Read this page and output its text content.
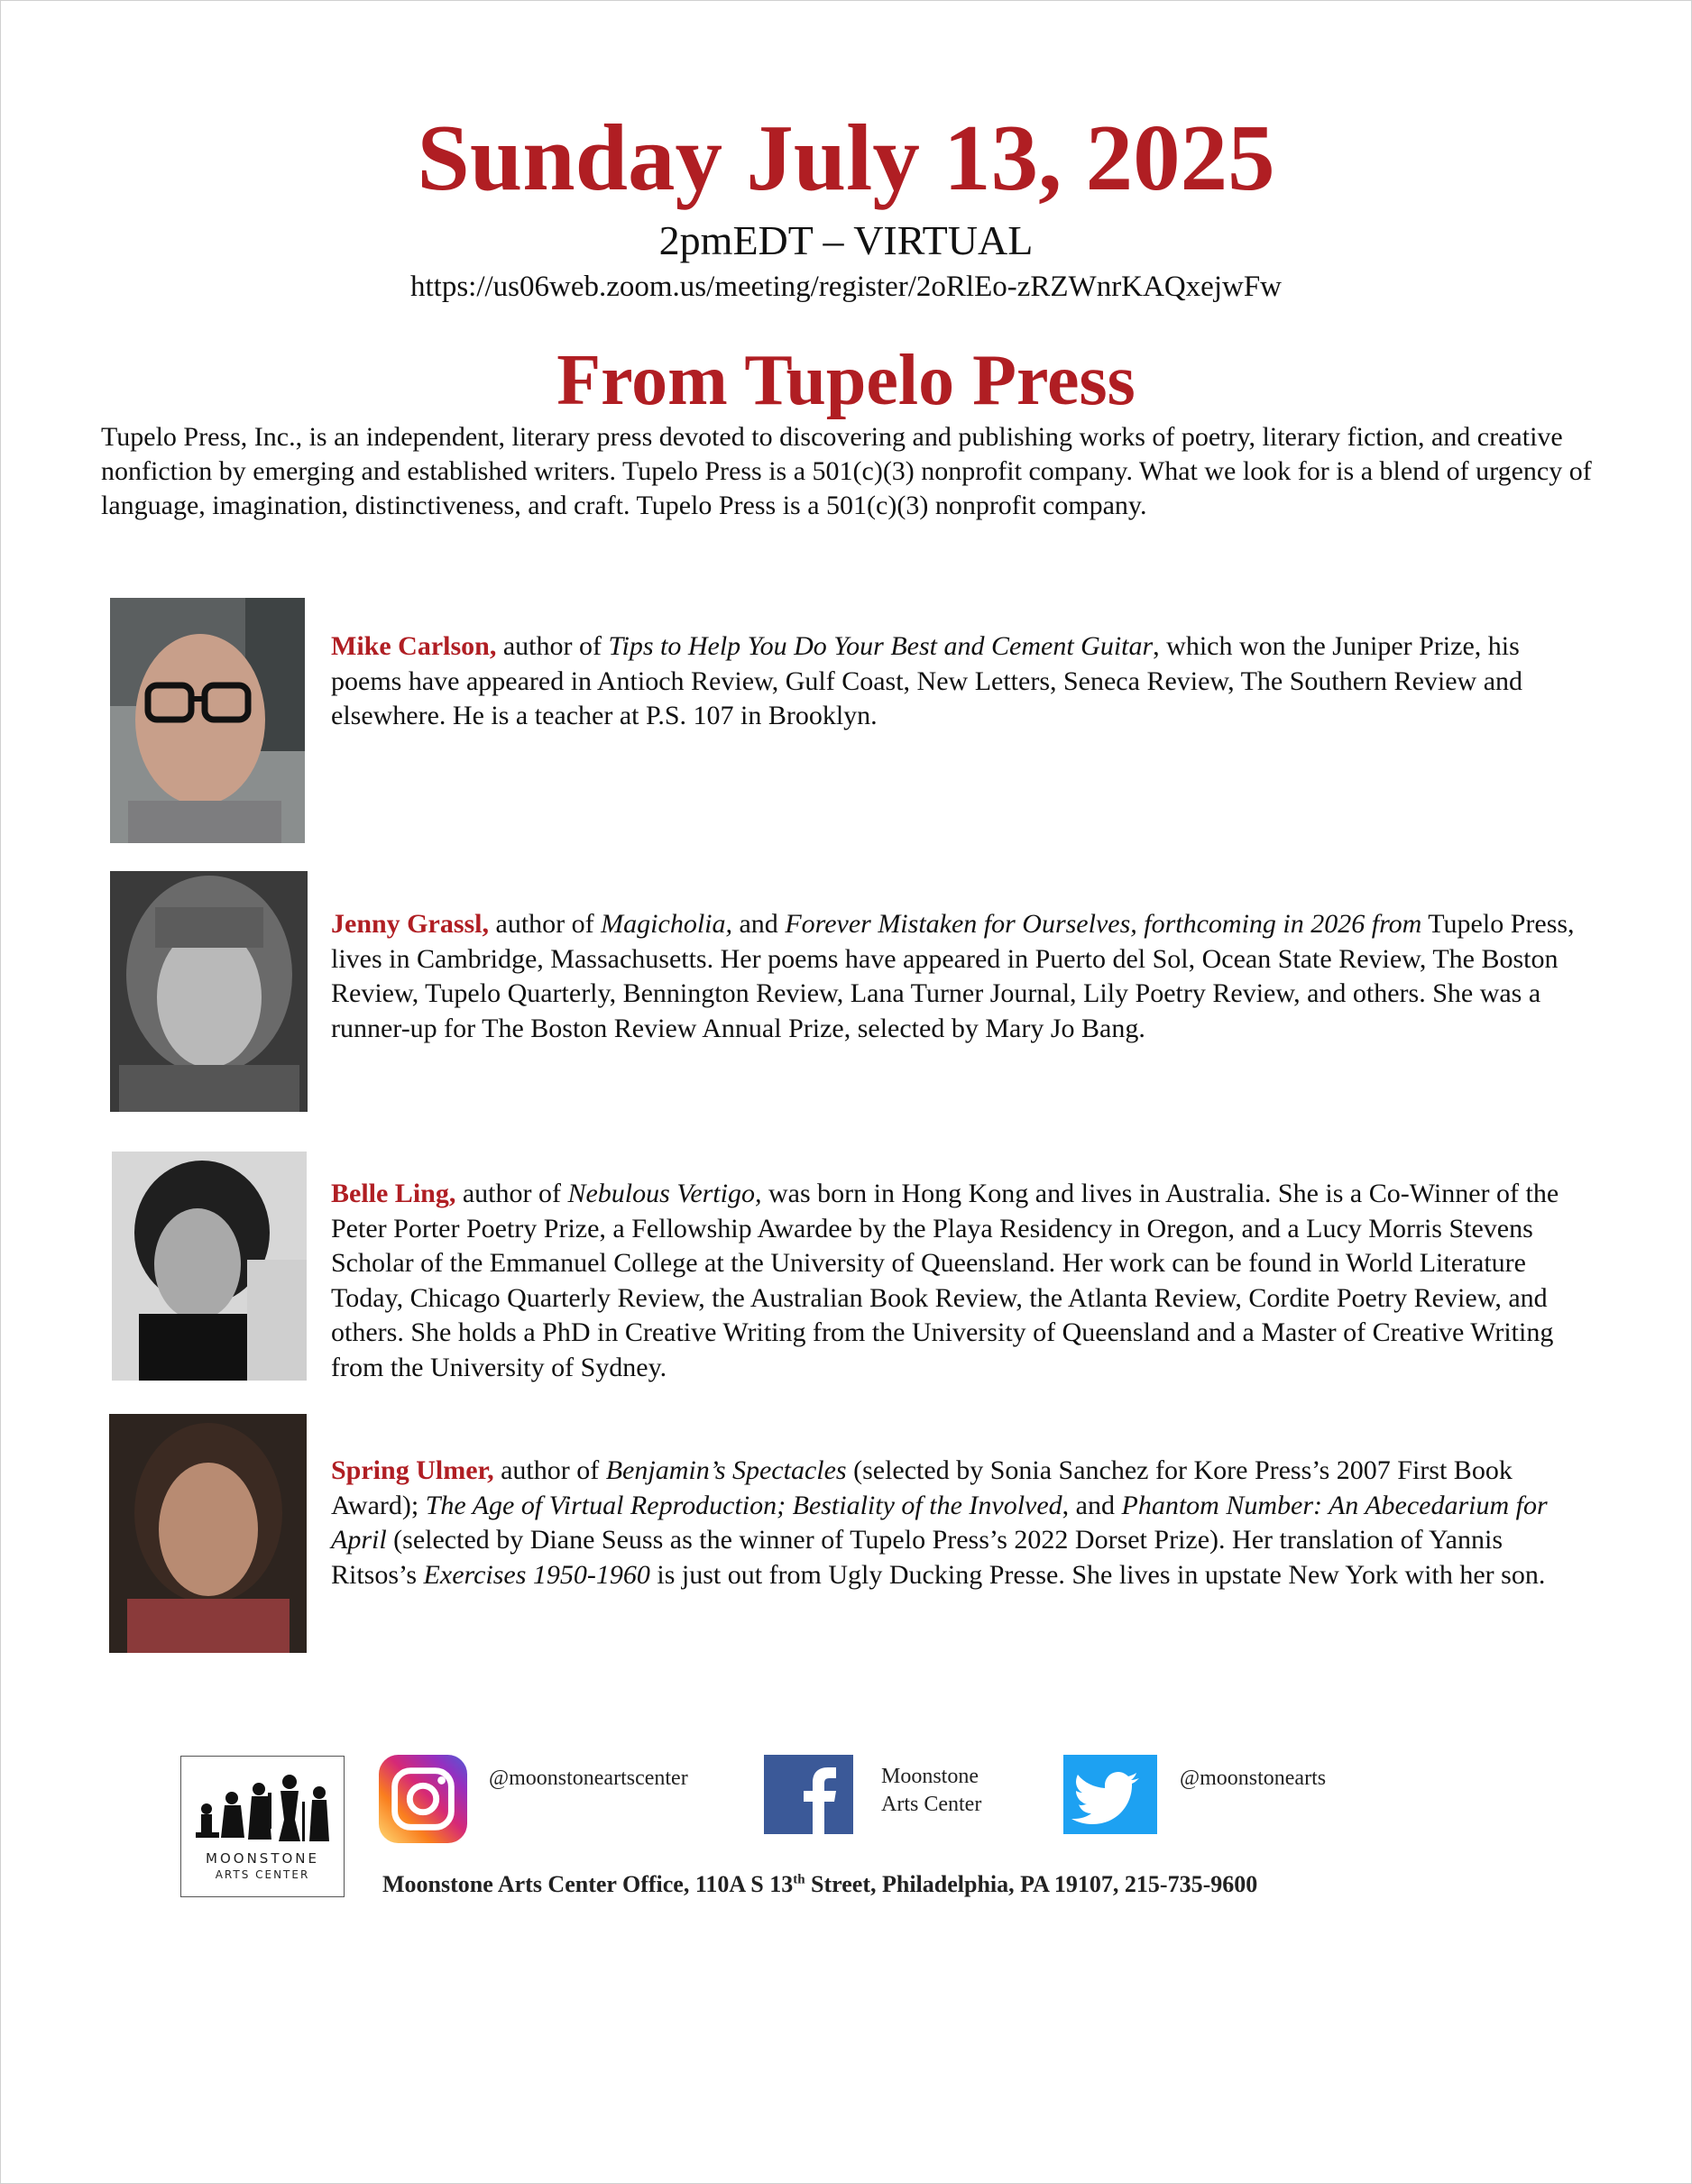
Sunday July 13, 2025
2pmEDT – VIRTUAL
https://us06web.zoom.us/meeting/register/2oRlEo-zRZWnrKAQxejwFw
From Tupelo Press

Tupelo Press, Inc., is an independent, literary press devoted to discovering and publishing works of poetry, literary fiction, and creative nonfiction by emerging and established writers. Tupelo Press is a 501(c)(3) nonprofit company. What we look for is a blend of urgency of language, imagination, distinctiveness, and craft. Tupelo Press is a 501(c)(3) nonprofit company.

Mike Carlson, author of Tips to Help You Do Your Best and Cement Guitar, which won the Juniper Prize, his poems have appeared in Antioch Review, Gulf Coast, New Letters, Seneca Review, The Southern Review and elsewhere. He is a teacher at P.S. 107 in Brooklyn.

Jenny Grassl, author of Magicholia, and Forever Mistaken for Ourselves, forthcoming in 2026 from Tupelo Press, lives in Cambridge, Massachusetts. Her poems have appeared in Puerto del Sol, Ocean State Review, The Boston Review, Tupelo Quarterly, Bennington Review, Lana Turner Journal, Lily Poetry Review, and others. She was a runner-up for The Boston Review Annual Prize, selected by Mary Jo Bang.

Belle Ling, author of Nebulous Vertigo, was born in Hong Kong and lives in Australia. She is a Co-Winner of the Peter Porter Poetry Prize, a Fellowship Awardee by the Playa Residency in Oregon, and a Lucy Morris Stevens Scholar of the Emmanuel College at the University of Queensland. Her work can be found in World Literature Today, Chicago Quarterly Review, the Australian Book Review, the Atlanta Review, Cordite Poetry Review, and others. She holds a PhD in Creative Writing from the University of Queensland and a Master of Creative Writing from the University of Sydney.

Spring Ulmer, author of Benjamin’s Spectacles (selected by Sonia Sanchez for Kore Press’s 2007 First Book Award); The Age of Virtual Reproduction; Bestiality of the Involved, and Phantom Number: An Abecedarium for April (selected by Diane Seuss as the winner of Tupelo Press’s 2022 Dorset Prize). Her translation of Yannis Ritsos’s Exercises 1950-1960 is just out from Ugly Ducking Presse. She lives in upstate New York with her son.

MOONSTONE
ARTS CENTER
@moonstoneartscenter	Moonstone
Arts Center
@moonstonearts
Moonstone Arts Center Office, 110A S 13th Street, Philadelphia, PA 19107, 215-735-9600
